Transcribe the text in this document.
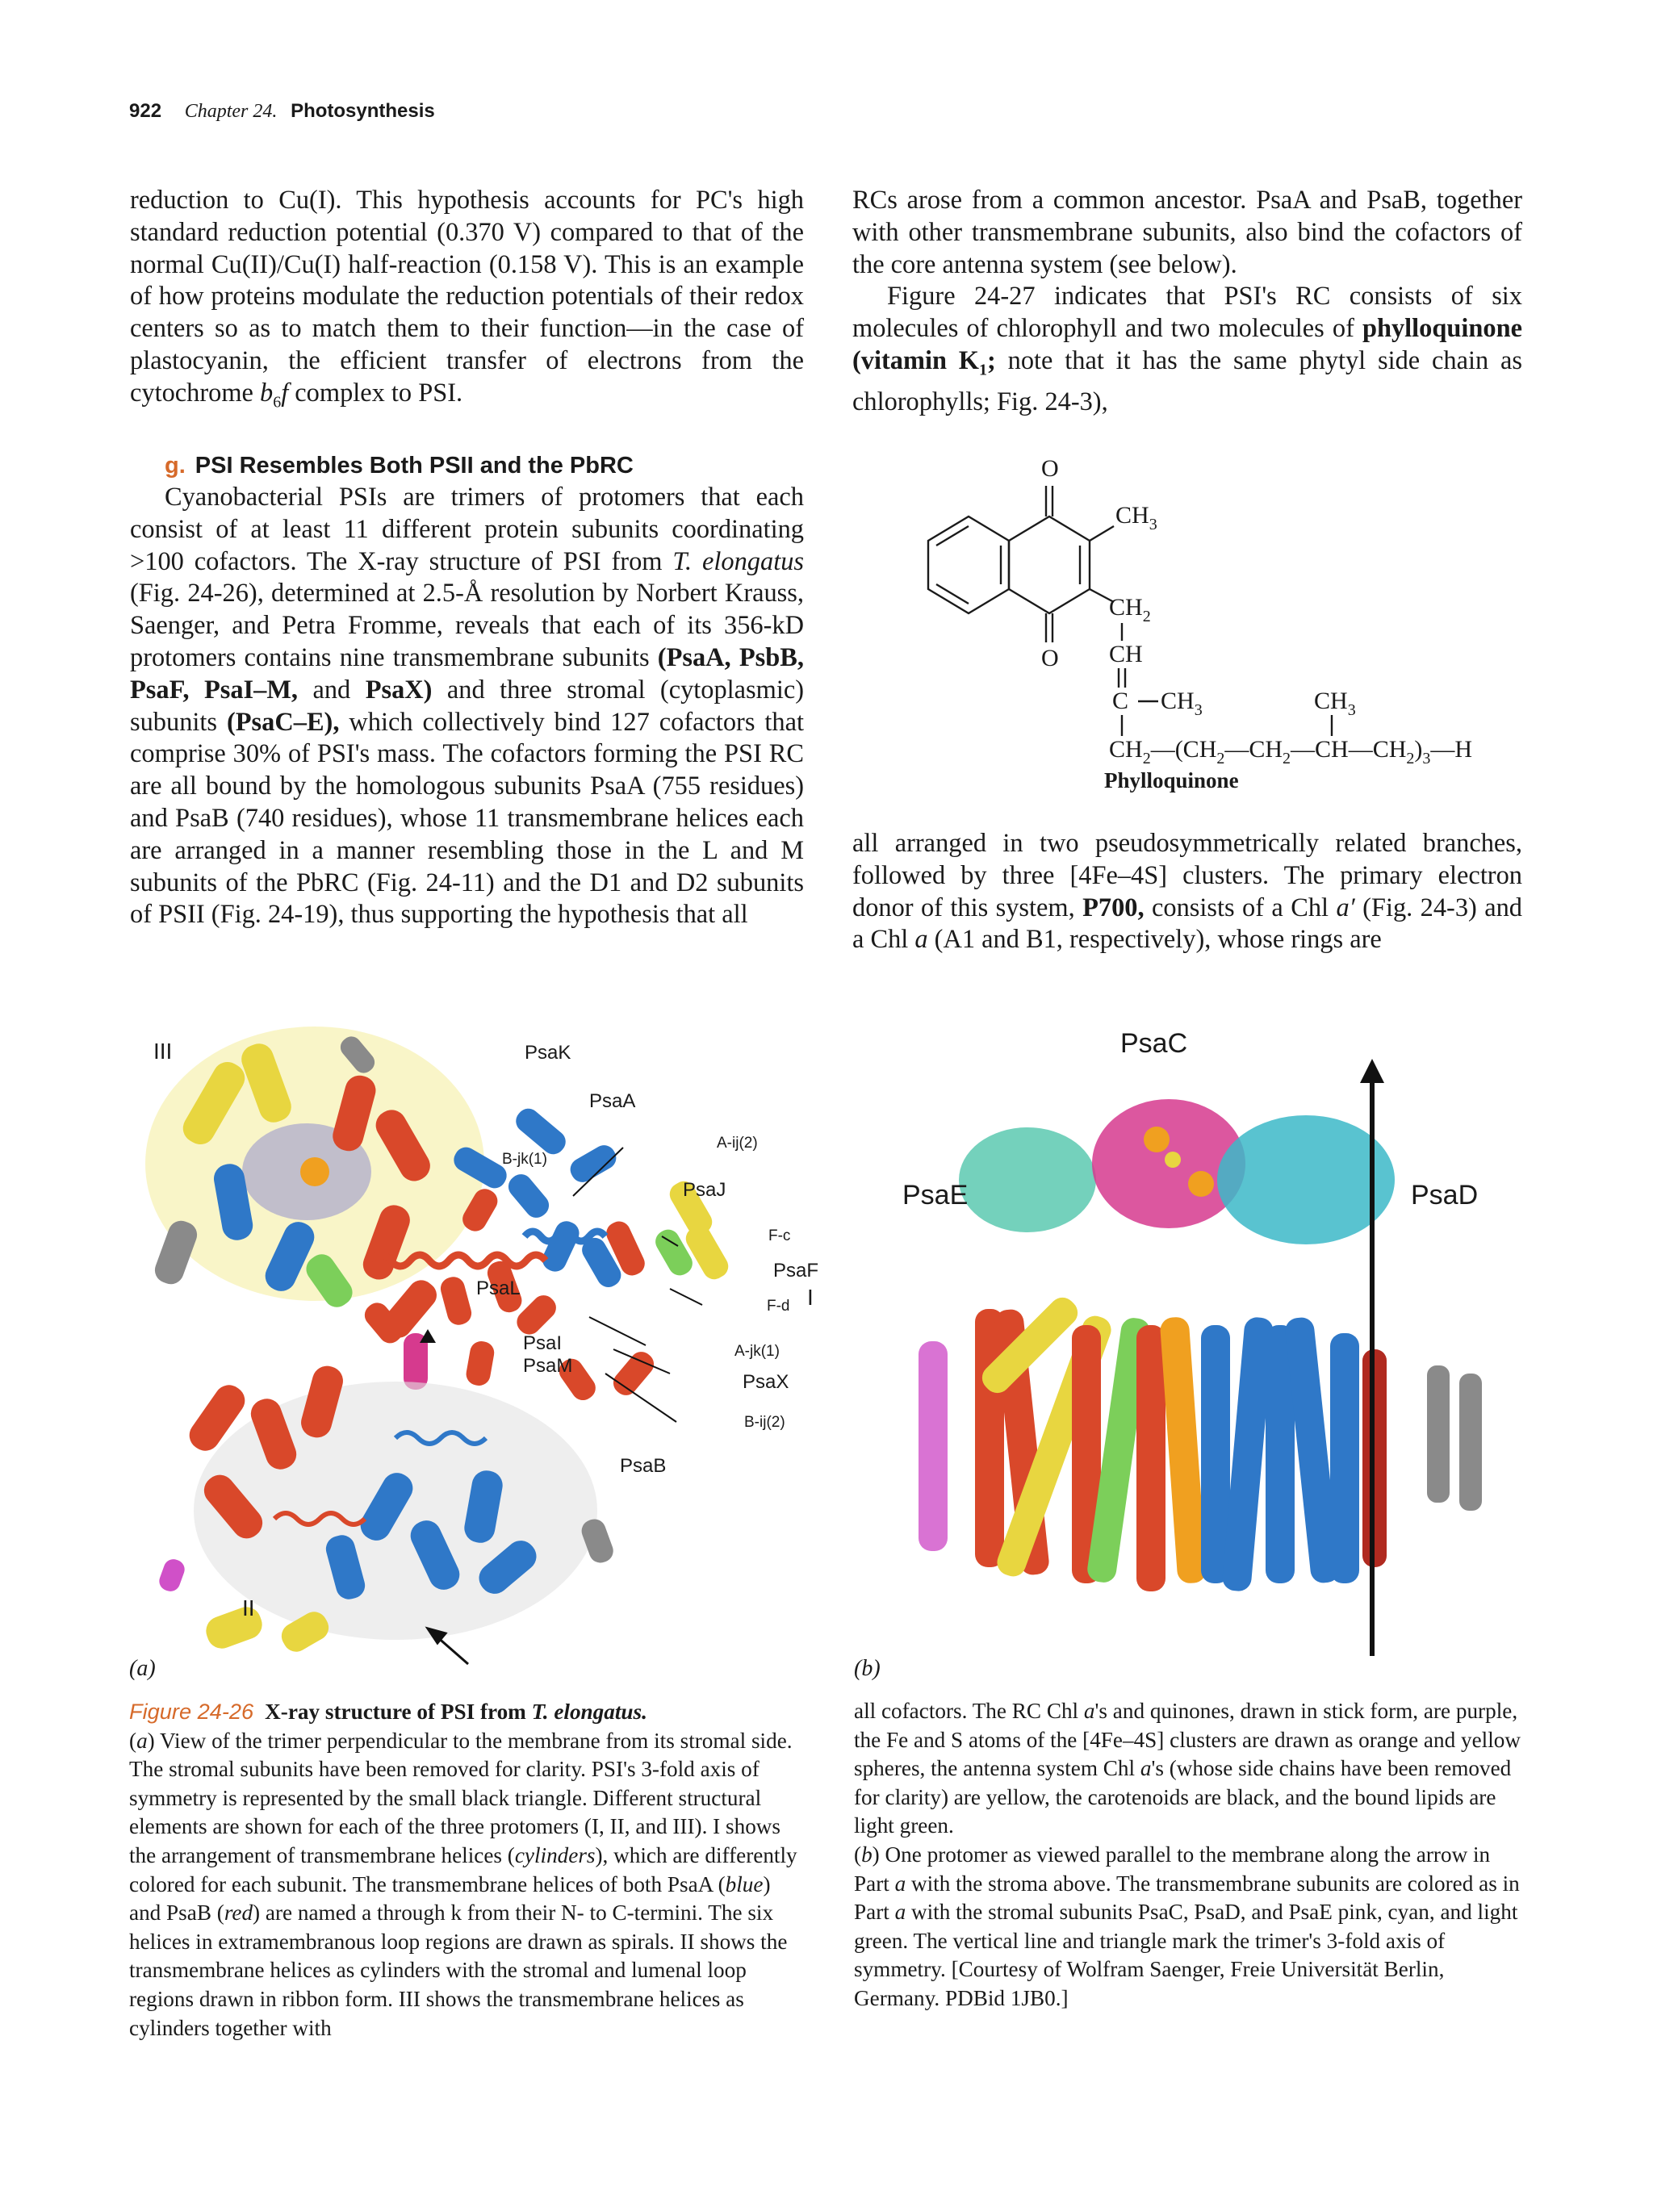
922 Chapter 24. Photosynthesis

reduction to Cu(I). This hypothesis accounts for PC's high standard reduction potential (0.370 V) compared to that of the normal Cu(II)/Cu(I) half-reaction (0.158 V). This is an example of how proteins modulate the reduction potentials of their redox centers so as to match them to their function—in the case of plastocyanin, the efficient transfer of electrons from the cytochrome $b_6f$ complex to PSI.

g. PSI Resembles Both PSII and the PbRC

Cyanobacterial PSIs are trimers of protomers that each consist of at least 11 different protein subunits coordinating >100 cofactors. The X-ray structure of PSI from T. elongatus (Fig. 24-26), determined at 2.5-Å resolution by Norbert Krauss, Saenger, and Petra Fromme, reveals that each of its 356-kD protomers contains nine transmembrane subunits (PsaA, PsbB, PsaF, PsaI–M, and PsaX) and three stromal (cytoplasmic) subunits (PsaC–E), which collectively bind 127 cofactors that comprise 30% of PSI's mass. The cofactors forming the PSI RC are all bound by the homologous subunits PsaA (755 residues) and PsaB (740 residues), whose 11 transmembrane helices each are arranged in a manner resembling those in the L and M subunits of the PbRC (Fig. 24-11) and the D1 and D2 subunits of PSII (Fig. 24-19), thus supporting the hypothesis that all

RCs arose from a common ancestor. PsaA and PsaB, together with other transmembrane subunits, also bind the cofactors of the core antenna system (see below).

Figure 24-27 indicates that PSI's RC consists of six molecules of chlorophyll and two molecules of phylloquinone (vitamin $K_1$; note that it has the same phytyl side chain as chlorophylls; Fig. 24-3),

O
O
$CH_3$
$CH_2$
CH
C $CH_3$	$CH_3$
$CH_2—(CH_2—CH_2—CH—CH_2)_3—H$
Phylloquinone

all arranged in two pseudosymmetrically related branches, followed by three [4Fe–4S] clusters. The primary electron donor of this system, P700, consists of a Chl a′ (Fig. 24-3) and a Chl a (A1 and B1, respectively), whose rings are

III
II
I
PsaK
PsaA
PsaJ
PsaF
PsaL
PsaI
PsaM
PsaX
PsaB
A-ij(2)
B-jk(1)
F-c
F-d
A-jk(1)
B-ij(2)
(a)
PsaC
PsaE	PsaD
(b)

Figure 24-26 X-ray structure of PSI from T. elongatus.
(a) View of the trimer perpendicular to the membrane from its stromal side. The stromal subunits have been removed for clarity. PSI's 3-fold axis of symmetry is represented by the small black triangle. Different structural elements are shown for each of the three protomers (I, II, and III). I shows the arrangement of transmembrane helices (cylinders), which are differently colored for each subunit. The transmembrane helices of both PsaA (blue) and PsaB (red) are named a through k from their N- to C-termini. The six helices in extramembranous loop regions are drawn as spirals. II shows the transmembrane helices as cylinders with the stromal and lumenal loop regions drawn in ribbon form. III shows the transmembrane helices as cylinders together with

all cofactors. The RC Chl a's and quinones, drawn in stick form, are purple, the Fe and S atoms of the [4Fe–4S] clusters are drawn as orange and yellow spheres, the antenna system Chl a's (whose side chains have been removed for clarity) are yellow, the carotenoids are black, and the bound lipids are light green.
(b) One protomer as viewed parallel to the membrane along the arrow in Part a with the stroma above. The transmembrane subunits are colored as in Part a with the stromal subunits PsaC, PsaD, and PsaE pink, cyan, and light green. The vertical line and triangle mark the trimer's 3-fold axis of symmetry. [Courtesy of Wolfram Saenger, Freie Universität Berlin, Germany. PDBid 1JB0.]
